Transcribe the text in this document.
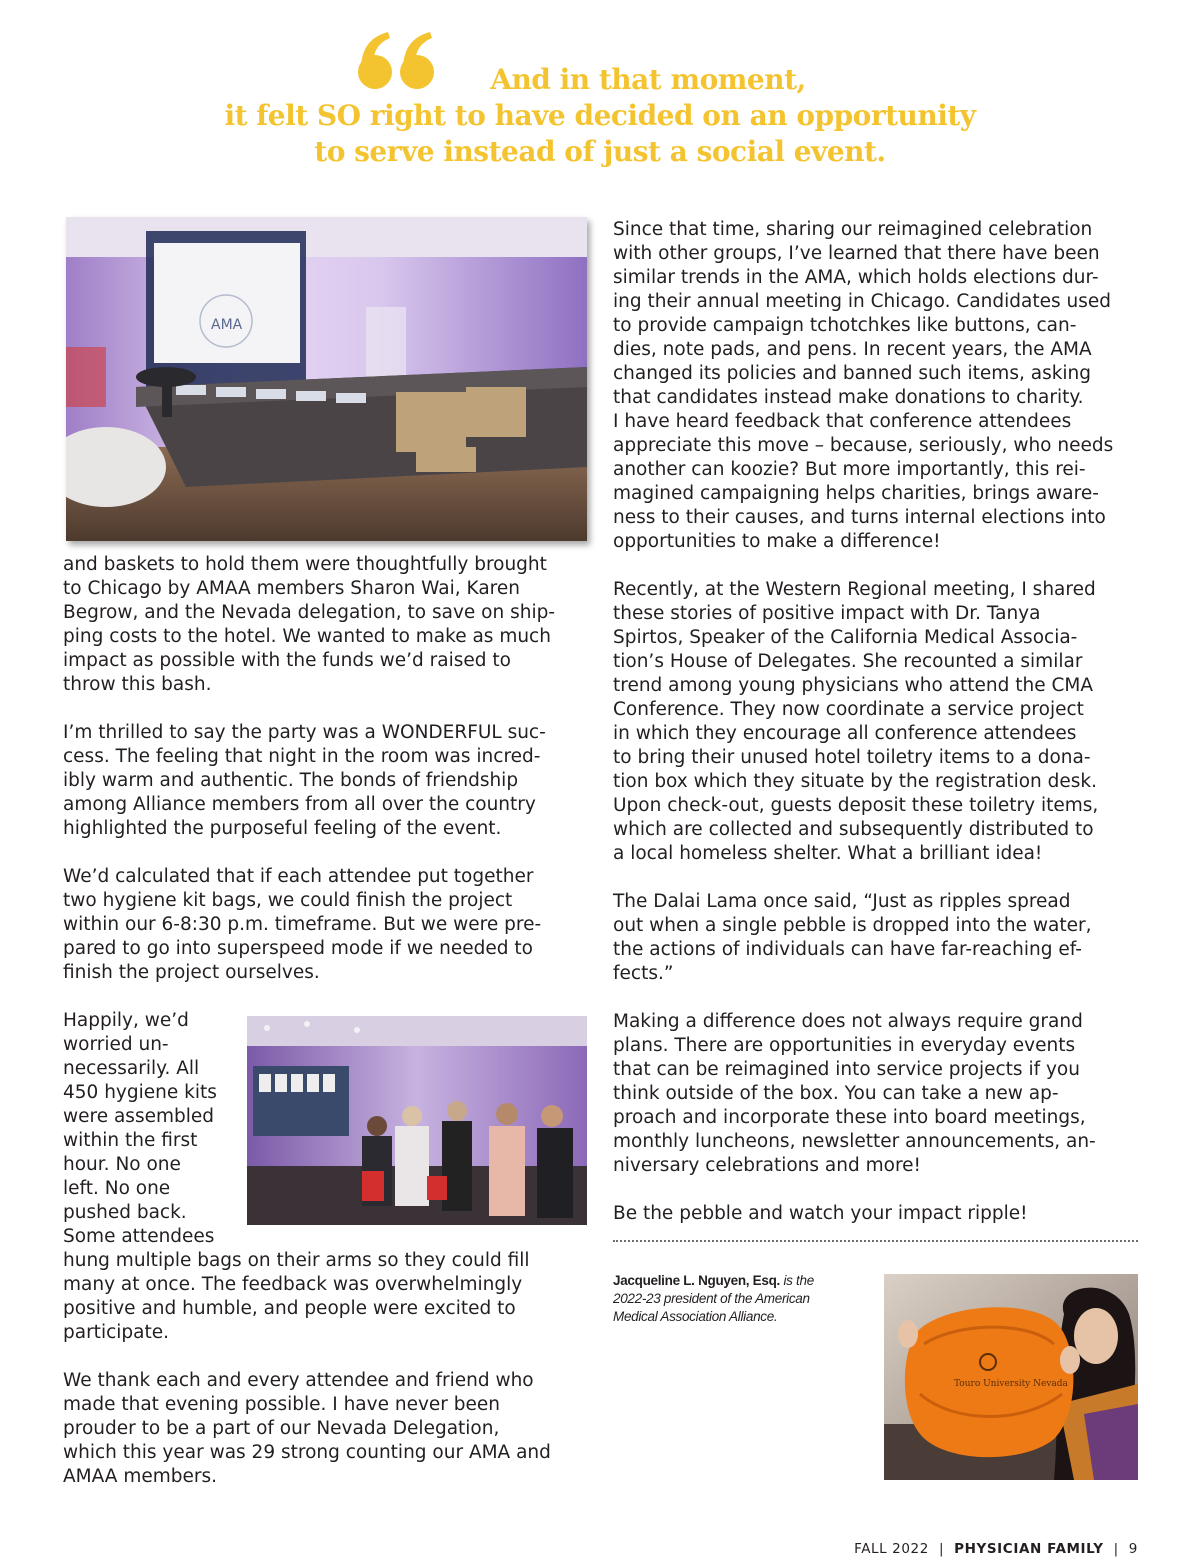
And in that moment,
it felt SO right to have decided on an opportunity
to serve instead of just a social event.
AMA

and baskets to hold them were thoughtfully brought
to Chicago by AMAA members Sharon Wai, Karen
Begrow, and the Nevada delegation, to save on ship-
ping costs to the hotel. We wanted to make as much
impact as possible with the funds we’d raised to
throw this bash.

I’m thrilled to say the party was a WONDERFUL suc-
cess. The feeling that night in the room was incred-
ibly warm and authentic. The bonds of friendship
among Alliance members from all over the country
highlighted the purposeful feeling of the event.

We’d calculated that if each attendee put together
two hygiene kit bags, we could finish the project
within our 6-8:30 p.m. timeframe. But we were pre-
pared to go into superspeed mode if we needed to
finish the project ourselves.

Happily, we’d
worried un-
necessarily. All
450 hygiene kits
were assembled
within the first
hour. No one
left. No one
pushed back.
Some attendees
hung multiple bags on their arms so they could fill
many at once. The feedback was overwhelmingly
positive and humble, and people were excited to
participate.

We thank each and every attendee and friend who
made that evening possible. I have never been
prouder to be a part of our Nevada Delegation,
which this year was 29 strong counting our AMA and
AMAA members.

Since that time, sharing our reimagined celebration
with other groups, I’ve learned that there have been
similar trends in the AMA, which holds elections dur-
ing their annual meeting in Chicago. Candidates used
to provide campaign tchotchkes like buttons, can-
dies, note pads, and pens. In recent years, the AMA
changed its policies and banned such items, asking
that candidates instead make donations to charity.
I have heard feedback that conference attendees
appreciate this move – because, seriously, who needs
another can koozie? But more importantly, this rei-
magined campaigning helps charities, brings aware-
ness to their causes, and turns internal elections into
opportunities to make a difference!

Recently, at the Western Regional meeting, I shared
these stories of positive impact with Dr. Tanya
Spirtos, Speaker of the California Medical Associa-
tion’s House of Delegates. She recounted a similar
trend among young physicians who attend the CMA
Conference. They now coordinate a service project
in which they encourage all conference attendees
to bring their unused hotel toiletry items to a dona-
tion box which they situate by the registration desk.
Upon check-out, guests deposit these toiletry items,
which are collected and subsequently distributed to
a local homeless shelter. What a brilliant idea!

The Dalai Lama once said, “Just as ripples spread
out when a single pebble is dropped into the water,
the actions of individuals can have far-reaching ef-
fects.”

Making a difference does not always require grand
plans. There are opportunities in everyday events
that can be reimagined into service projects if you
think outside of the box. You can take a new ap-
proach and incorporate these into board meetings,
monthly luncheons, newsletter announcements, an-
niversary celebrations and more!

Be the pebble and watch your impact ripple!

Jacqueline L. Nguyen, Esq. is the
2022-23 president of the American
Medical Association Alliance.
Touro University Nevada
FALL 2022 | PHYSICIAN FAMILY | 9
